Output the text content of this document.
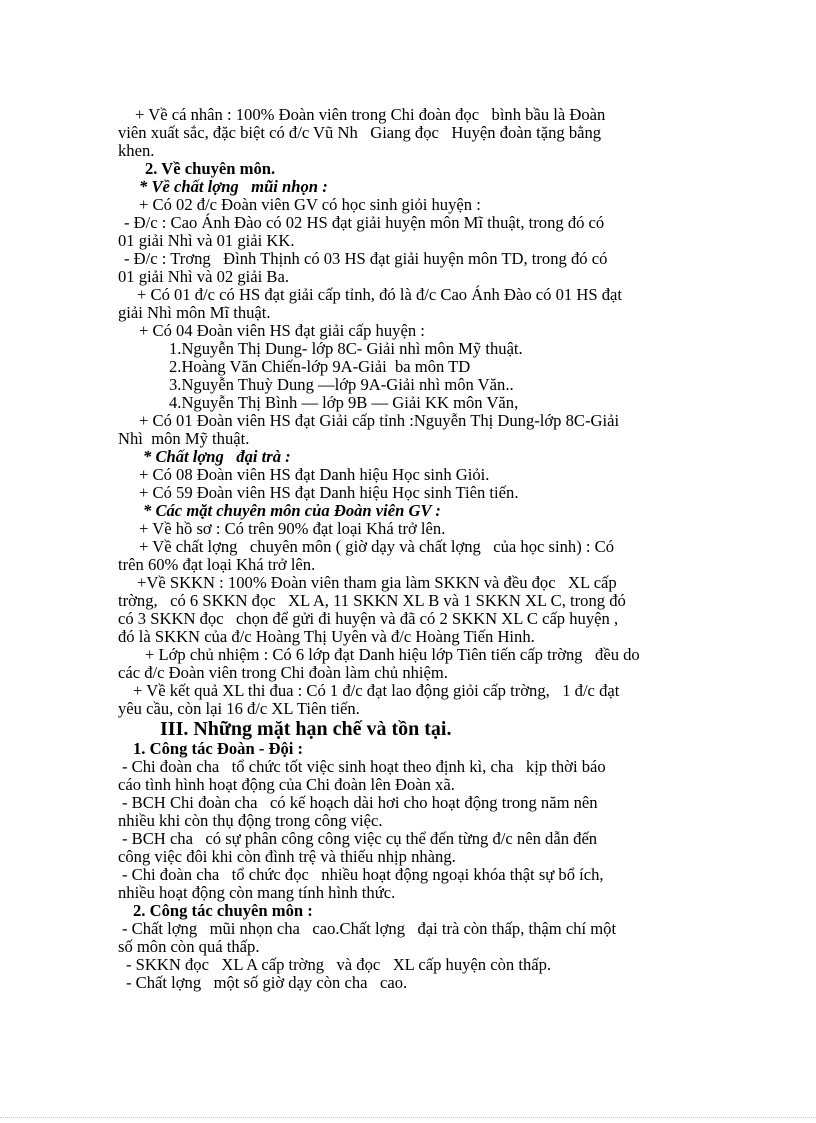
+ Về cá nhân : 100% Đoàn viên trong Chi đoàn đọc   bình bầu là Đoàn
viên xuất sắc, đặc biệt có đ/c Vũ Nh   Giang đọc   Huyện đoàn tặng bằng
khen.
2. Về chuyên môn.
* Về chất lợng   mũi nhọn :
+ Có 02 đ/c Đoàn viên GV có học sinh giỏi huyện :
- Đ/c : Cao Ánh Đào có 02 HS đạt giải huyện môn Mĩ thuật, trong đó có
01 giải Nhì và 01 giải KK.
- Đ/c : Trơng   Đình Thịnh có 03 HS đạt giải huyện môn TD, trong đó có
01 giải Nhì và 02 giải Ba.
+ Có 01 đ/c có HS đạt giải cấp tỉnh, đó là đ/c Cao Ánh Đào có 01 HS đạt
giải Nhì môn Mĩ thuật.
+ Có 04 Đoàn viên HS đạt giải cấp huyện :
1.Nguyễn Thị Dung- lớp 8C- Giải nhì môn Mỹ thuật.
2.Hoàng Văn Chiến-lớp 9A-Giải  ba môn TD
3.Nguyễn Thuỳ Dung —lớp 9A-Giải nhì môn Văn..
4.Nguyễn Thị Bình — lớp 9B — Giải KK môn Văn,
+ Có 01 Đoàn viên HS đạt Giải cấp tỉnh :Nguyễn Thị Dung-lớp 8C-Giải
Nhì  môn Mỹ thuật.
* Chất lợng   đại trà :
+ Có 08 Đoàn viên HS đạt Danh hiệu Học sinh Giỏi.
+ Có 59 Đoàn viên HS đạt Danh hiệu Học sinh Tiên tiến.
* Các mặt chuyên môn của Đoàn viên GV :
+ Về hồ sơ : Có trên 90% đạt loại Khá trở lên.
+ Về chất lợng   chuyên môn ( giờ dạy và chất lợng   của học sinh) : Có
trên 60% đạt loại Khá trở lên.
+Về SKKN : 100% Đoàn viên tham gia làm SKKN và đều đọc   XL cấp
trờng,   có 6 SKKN đọc   XL A, 11 SKKN XL B và 1 SKKN XL C, trong đó
có 3 SKKN đọc   chọn để gửi đi huyện và đã có 2 SKKN XL C cấp huyện ,
đó là SKKN của đ/c Hoàng Thị Uyên và đ/c Hoàng Tiến Hinh.
+ Lớp chủ nhiệm : Có 6 lớp đạt Danh hiệu lớp Tiên tiến cấp trờng   đều do
các đ/c Đoàn viên trong Chi đoàn làm chủ nhiệm.
+ Về kết quả XL thi đua : Có 1 đ/c đạt lao động giỏi cấp trờng,   1 đ/c đạt
yêu cầu, còn lại 16 đ/c XL Tiên tiến.
III. Những mặt hạn chế và tồn tại.
1. Công tác Đoàn - Đội :
- Chi đoàn cha   tổ chức tốt việc sinh hoạt theo định kì, cha   kịp thời báo
cáo tình hình hoạt động của Chi đoàn lên Đoàn xã.
- BCH Chi đoàn cha   có kế hoạch dài hơi cho hoạt động trong năm nên
nhiều khi còn thụ động trong công việc.
- BCH cha   có sự phân công công việc cụ thể đến từng đ/c nên dẫn đến
công việc đôi khi còn đình trệ và thiếu nhịp nhàng.
- Chi đoàn cha   tổ chức đọc   nhiều hoạt động ngoại khóa thật sự bổ ích,
nhiều hoạt động còn mang tính hình thức.
2. Công tác chuyên môn :
- Chất lợng   mũi nhọn cha   cao.Chất lợng   đại trà còn thấp, thậm chí một
số môn còn quá thấp.
- SKKN đọc   XL A cấp trờng   và đọc   XL cấp huyện còn thấp.
- Chất lợng   một số giờ dạy còn cha   cao.
